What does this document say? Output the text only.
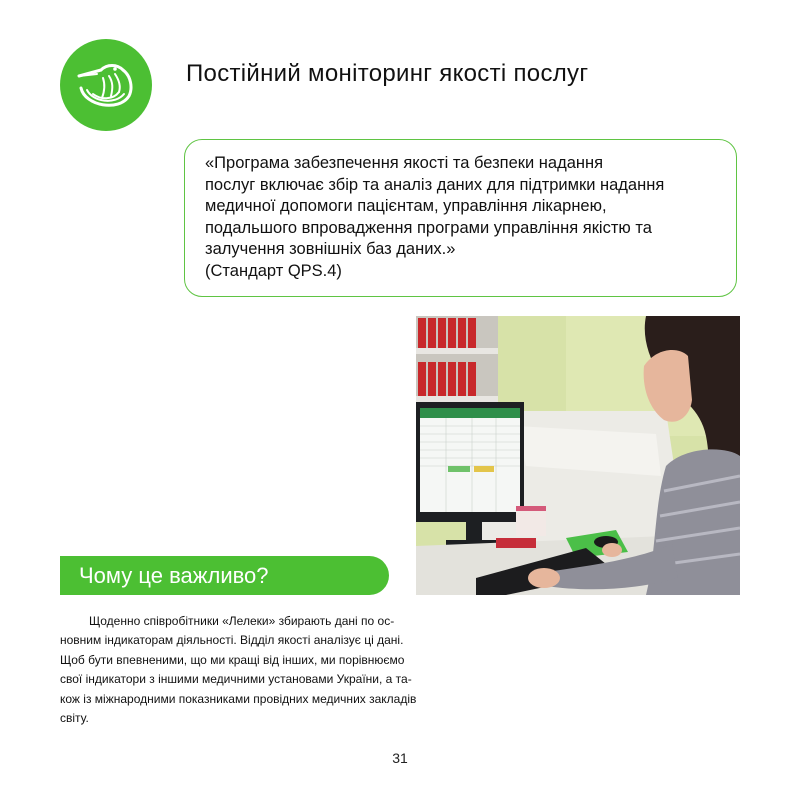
Постійний моніторинг якості послуг

«Програма забезпечення якості та безпеки надання
послуг включає збір та аналіз даних для підтримки надання
медичної допомоги пацієнтам, управління лікарнею,
подальшого впровадження програми управління якістю та
залучення зовнішніх баз даних.»

(Стандарт QPS.4)

Чому це важливо?
Щоденно співробітники «Лелеки» збирають дані по ос-
новним індикаторам діяльності. Відділ якості аналізує ці дані.
Щоб бути впевненими, що ми кращі від інших, ми порівнюємо
свої індикатори з іншими медичними установами України, а та-
кож із міжнародними показниками провідних медичних закладів
світу.
31
